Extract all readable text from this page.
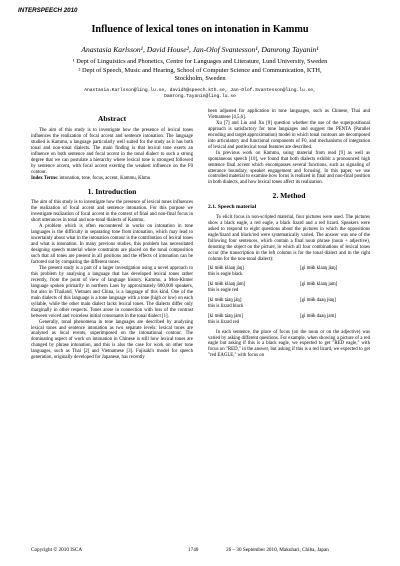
INTERSPEECH 2010
Influence of lexical tones on intonation in Kammu
Anastasia Karlsson¹, David House², Jan-Olof Svantesson¹, Damrong Tayanin¹
¹ Dept of Linguistics and Phonetics, Centre for Languages and Literature, Lund University, Sweden
² Dept of Speech, Music and Hearing, School of Computer Science and Communication, KTH,
Stockholm, Sweden
Anastasia.Karlsson@ling.lu.se, davidh@speech.kth.se, Jan-Olof.Svantesson@ling.lu.se,
Damrong.Tayanin@ling.lu.se
Abstract

The aim of this study is to investigate how the presence of lexical tones influences the realization of focal accent and sentence intonation. The language studied is Kammu, a language particularly well suited for the study as it has both tonal and non-tonal dialects. The main finding is that lexical tone exerts an influence on both sentence and focal accent in the tonal dialect to such a strong degree that we can postulate a hierarchy where lexical tone is strongest followed by sentence accent, with focal accent exerting the weakest influence on the F0 contour.

Index Terms: intonation, tone, focus, accent, Kammu, Khmu

1. Introduction

The aim of this study is to investigate how the presence of lexical tones influences the realization of focal accent and sentence intonation. For this purpose we investigate realization of focal accent in the context of final and non-final focus in short utterances in tonal and non-tonal dialects of Kammu.

A problem which is often encountered in works on intonation in tone languages is the difficulty in separating tone from intonation, which may lead to uncertainty about what in the intonation contour is the contribution of lexical tones and what is intonation. In many previous studies, this problem has necessitated designing speech material where constraints are placed on the tonal composition such that all tones are present in all positions and the effects of intonation can be factored out by comparing the different tones.

The present study is a part of a larger investigation using a novel approach to this problem by analysing a language that has developed lexical tones rather recently, from the point of view of language history. Kammu, a Mon-Khmer language spoken primarily in northern Laos by approximately 600,000 speakers, but also in Thailand, Vietnam and China, is a language of this kind. One of the main dialects of this language is a tone language with a tone (high or low) on each syllable, while the other main dialect lacks lexical tones. The dialects differ only marginally in other respects. Tones arose in connection with loss of the contrast between voiced and voiceless initial consonants in the tonal dialect [1].

Generally, tonal phenomena in tone languages are described by analyzing lexical tones and sentence intonation as two separate levels: lexical tones are analysed as local events, superimposed on the intonational contour. The dominating aspect of work on intonation in Chinese is still how lexical tones are changed by phrase intonation, and this is also the case for work on other tone languages, such as Thai [2] and Vietnamese [3]. Fujisaki's model for speech generation, originally developed for Japanese, has recently

been adjusted for application in tone languages, such as Chinese, Thai and Vietnamese [4,5,6].

Xu [7] and Liu and Xu [8] question whether the use of the superpositional approach is satisfactory for tone languages and suggest the PENTA (Parallel encoding and target approximation) model in which tonal contours are decomposed into articulatory and functional components of F0, and mechanisms of integration of lexical and postlexical tonal features are described.

In previous work on Kammu, using material from read [9] as well as spontaneous speech [10], we found that both dialects exhibit a pronounced high sentence final accent which encompasses several functions, such as signaling of utterance boundary, speaker engagement and focusing. In this paper, we use controlled material to examine how focus is realized in final and non-final position in both dialects, and how lexical tones affect its realization.

2. Method
2.1. Speech material

To elicit focus in non-scripted material, four pictures were used. The pictures show a black eagle, a red eagle, a black lizard and a red lizard. Speakers were asked to respond to eight questions about the pictures in which the oppositions eagle/lizard and black/red were systematically varied. The answer was one of the following four sentences, which contain a final noun phrase (noun + adjective), denoting the object on the picture, in which all four combinations of lexical tones occur (the transcription in the left column is for the tonal dialect and in the right column for the non-tonal dialect):

[kì mɨɨh klàaŋ jàŋ]	[gi mɨɨh klaaŋ jɨaŋ]
this is eagle black
[kì mɨɨh klàaŋ jàm]	[gi mɨɨh klaaŋ jam]
this is eagle red
[kì mɨɨh táaŋ jàŋ]	[gi mɨɨh daaŋ jɨaŋ]
this is lizard black
[kì mɨɨh táaŋ jàm]	[gi mɨɨh daaŋ jam]
this is lizard red

In each sentence, the place of focus (on the noun or on the adjective) was varied by asking different questions. For example, when showing a picture of a red eagle but asking if this is a black eagle, we expected to get "RED eagle," with focus on "RED," in the answer, but asking if this is a red lizard, we expected to get "red EAGLE," with focus on

Copyright © 2010 ISCA	1740	26 – 30 September 2010, Makuhari, Chiba, Japan
